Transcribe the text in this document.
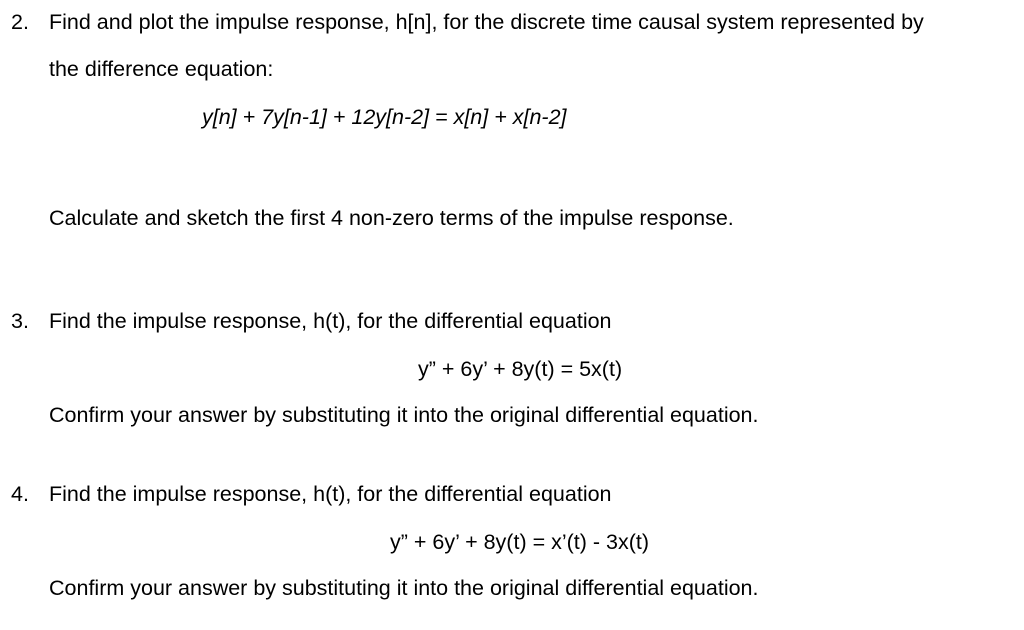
2. Find and plot the impulse response, h[n], for the discrete time causal system represented by
the difference equation:
y[n] + 7y[n-1] + 12y[n-2] = x[n] + x[n-2]
Calculate and sketch the first 4 non-zero terms of the impulse response.
3. Find the impulse response, h(t), for the differential equation
y” + 6y’ + 8y(t) = 5x(t)
Confirm your answer by substituting it into the original differential equation.
4. Find the impulse response, h(t), for the differential equation
y” + 6y’ + 8y(t) = x’(t) - 3x(t)
Confirm your answer by substituting it into the original differential equation.
